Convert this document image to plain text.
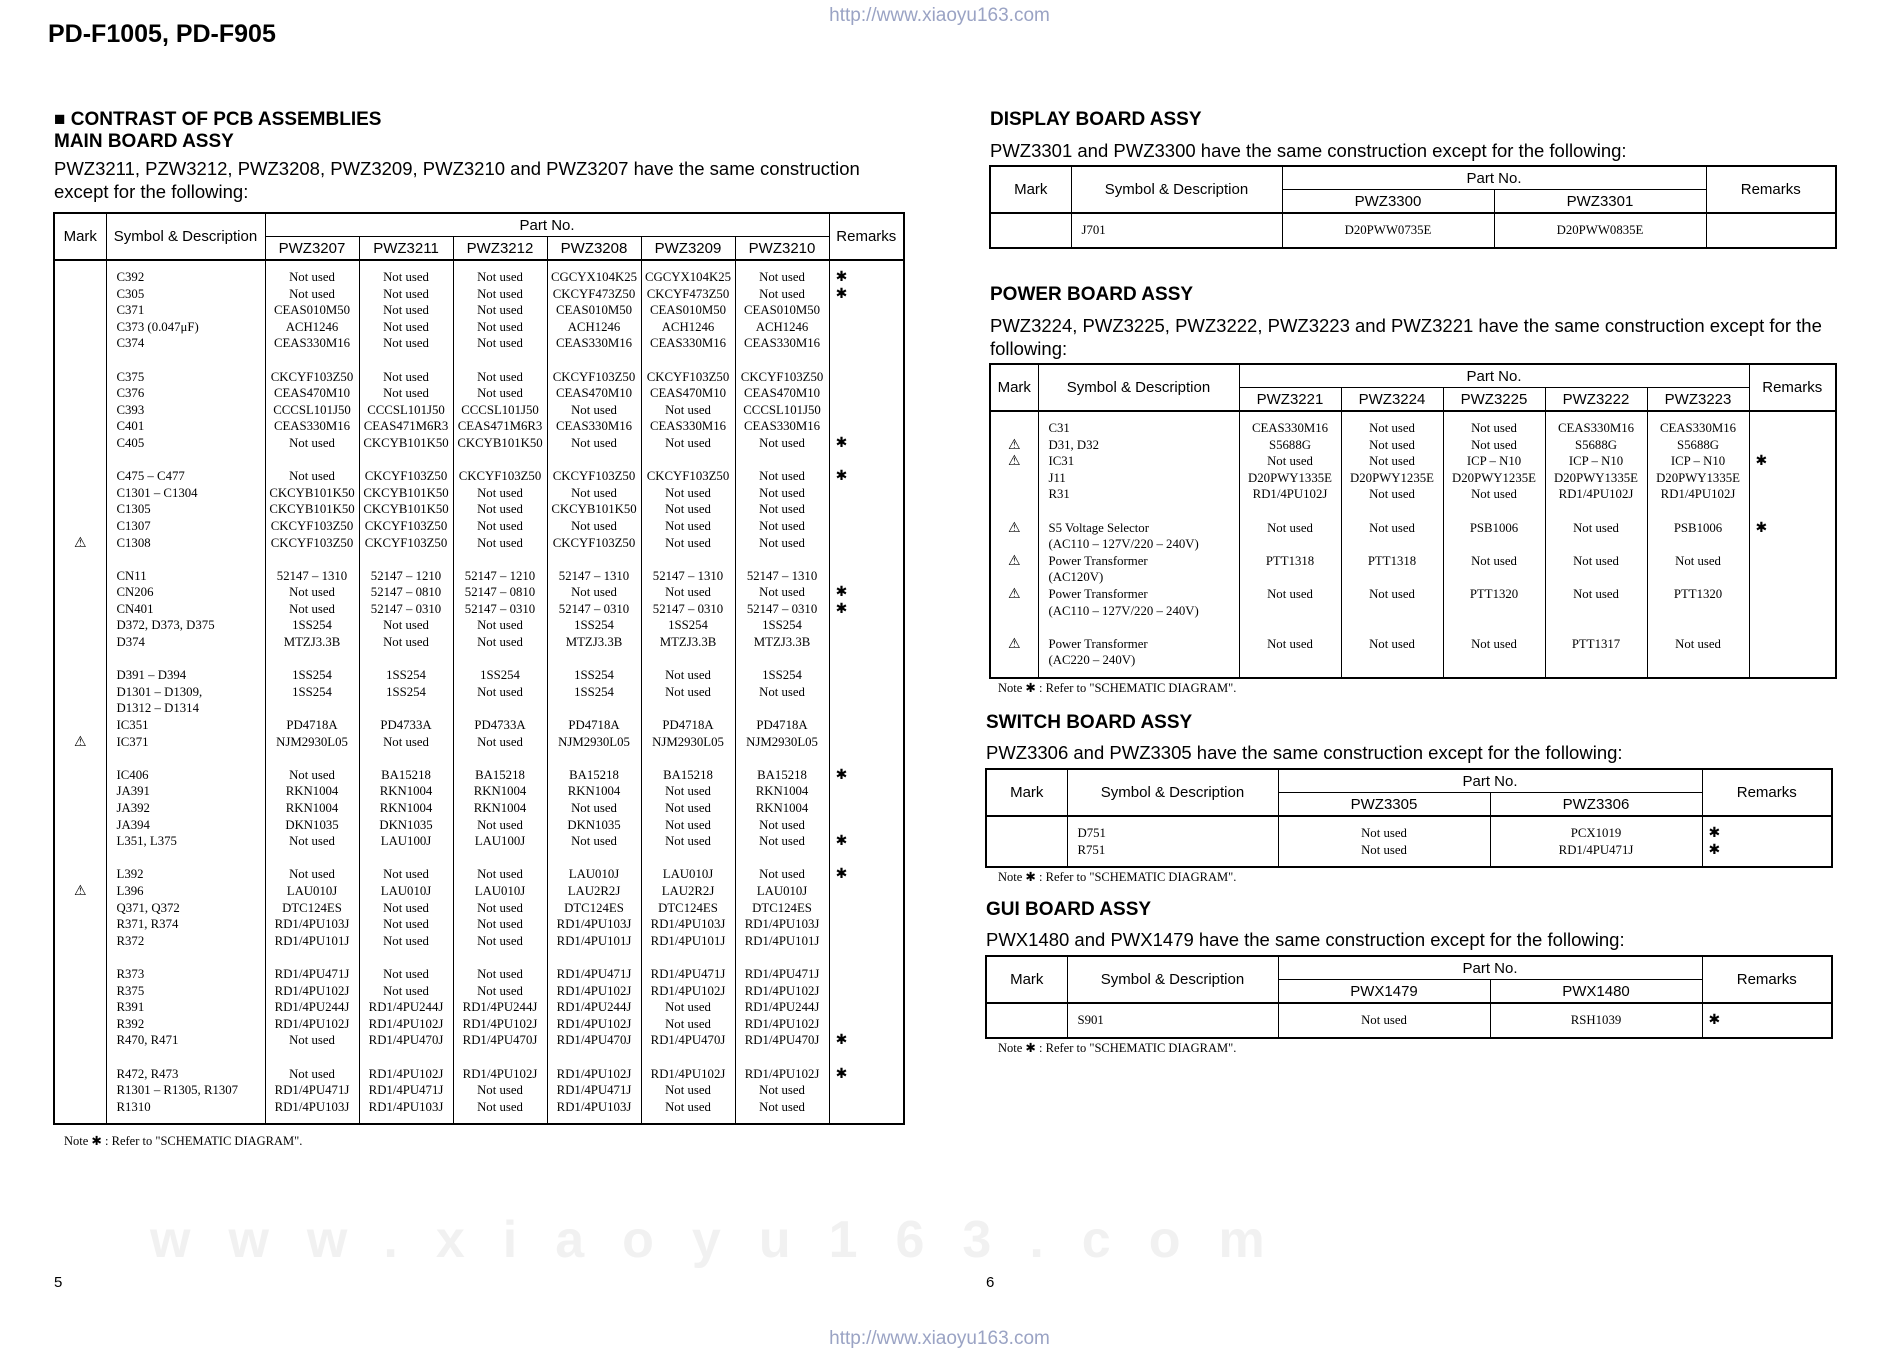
http://www.xiaoyu163.com
http://www.xiaoyu163.com
PD-F1005, PD-F905
www.xiaoyu163.com
■ CONTRAST OF PCB ASSEMBLIES
MAIN BOARD ASSY
PWZ3211, PZW3212, PWZ3208, PWZ3209, PWZ3210 and PWZ3207 have the same construction except for the following:
Mark	Symbol & Description	Part No.						Remarks
		PWZ3207	PWZ3211	PWZ3212	PWZ3208	PWZ3209	PWZ3210	

	C392	Not used	Not used	Not used	CGCYX104K25	CGCYX104K25	Not used	✱
	C305	Not used	Not used	Not used	CKCYF473Z50	CKCYF473Z50	Not used	✱
	C371	CEAS010M50	Not used	Not used	CEAS010M50	CEAS010M50	CEAS010M50	
	C373 (0.047μF)	ACH1246	Not used	Not used	ACH1246	ACH1246	ACH1246	
	C374	CEAS330M16	Not used	Not used	CEAS330M16	CEAS330M16	CEAS330M16	

	C375	CKCYF103Z50	Not used	Not used	CKCYF103Z50	CKCYF103Z50	CKCYF103Z50	
	C376	CEAS470M10	Not used	Not used	CEAS470M10	CEAS470M10	CEAS470M10	
	C393	CCCSL101J50	CCCSL101J50	CCCSL101J50	Not used	Not used	CCCSL101J50	
	C401	CEAS330M16	CEAS471M6R3	CEAS471M6R3	CEAS330M16	CEAS330M16	CEAS330M16	
	C405	Not used	CKCYB101K50	CKCYB101K50	Not used	Not used	Not used	✱

	C475 – C477	Not used	CKCYF103Z50	CKCYF103Z50	CKCYF103Z50	CKCYF103Z50	Not used	✱
	C1301 – C1304	CKCYB101K50	CKCYB101K50	Not used	Not used	Not used	Not used	
	C1305	CKCYB101K50	CKCYB101K50	Not used	CKCYB101K50	Not used	Not used	
	C1307	CKCYF103Z50	CKCYF103Z50	Not used	Not used	Not used	Not used	
⚠	C1308	CKCYF103Z50	CKCYF103Z50	Not used	CKCYF103Z50	Not used	Not used	

	CN11	52147 – 1310	52147 – 1210	52147 – 1210	52147 – 1310	52147 – 1310	52147 – 1310	
	CN206	Not used	52147 – 0810	52147 – 0810	Not used	Not used	Not used	✱
	CN401	Not used	52147 – 0310	52147 – 0310	52147 – 0310	52147 – 0310	52147 – 0310	✱
	D372, D373, D375	1SS254	Not used	Not used	1SS254	1SS254	1SS254	
	D374	MTZJ3.3B	Not used	Not used	MTZJ3.3B	MTZJ3.3B	MTZJ3.3B	

	D391 – D394	1SS254	1SS254	1SS254	1SS254	Not used	1SS254	
	D1301 – D1309,	1SS254	1SS254	Not used	1SS254	Not used	Not used	
	D1312 – D1314							
	IC351	PD4718A	PD4733A	PD4733A	PD4718A	PD4718A	PD4718A	
⚠	IC371	NJM2930L05	Not used	Not used	NJM2930L05	NJM2930L05	NJM2930L05	

	IC406	Not used	BA15218	BA15218	BA15218	BA15218	BA15218	✱
	JA391	RKN1004	RKN1004	RKN1004	RKN1004	Not used	RKN1004	
	JA392	RKN1004	RKN1004	RKN1004	Not used	Not used	RKN1004	
	JA394	DKN1035	DKN1035	Not used	DKN1035	Not used	Not used	
	L351, L375	Not used	LAU100J	LAU100J	Not used	Not used	Not used	✱

	L392	Not used	Not used	Not used	LAU010J	LAU010J	Not used	✱
⚠	L396	LAU010J	LAU010J	LAU010J	LAU2R2J	LAU2R2J	LAU010J	
	Q371, Q372	DTC124ES	Not used	Not used	DTC124ES	DTC124ES	DTC124ES	
	R371, R374	RD1/4PU103J	Not used	Not used	RD1/4PU103J	RD1/4PU103J	RD1/4PU103J	
	R372	RD1/4PU101J	Not used	Not used	RD1/4PU101J	RD1/4PU101J	RD1/4PU101J	

	R373	RD1/4PU471J	Not used	Not used	RD1/4PU471J	RD1/4PU471J	RD1/4PU471J	
	R375	RD1/4PU102J	Not used	Not used	RD1/4PU102J	RD1/4PU102J	RD1/4PU102J	
	R391	RD1/4PU244J	RD1/4PU244J	RD1/4PU244J	RD1/4PU244J	Not used	RD1/4PU244J	
	R392	RD1/4PU102J	RD1/4PU102J	RD1/4PU102J	RD1/4PU102J	Not used	RD1/4PU102J	
	R470, R471	Not used	RD1/4PU470J	RD1/4PU470J	RD1/4PU470J	RD1/4PU470J	RD1/4PU470J	✱

	R472, R473	Not used	RD1/4PU102J	RD1/4PU102J	RD1/4PU102J	RD1/4PU102J	RD1/4PU102J	✱
	R1301 – R1305, R1307	RD1/4PU471J	RD1/4PU471J	Not used	RD1/4PU471J	Not used	Not used	
	R1310	RD1/4PU103J	RD1/4PU103J	Not used	RD1/4PU103J	Not used	Not used	

Note ✱ : Refer to "SCHEMATIC DIAGRAM".
5
DISPLAY BOARD ASSY
PWZ3301 and PWZ3300 have the same construction except for the following:
Mark	Symbol & Description	Part No.		Remarks
		PWZ3300	PWZ3301	

	J701	D20PWW0735E	D20PWW0835E	

POWER BOARD ASSY
PWZ3224, PWZ3225, PWZ3222, PWZ3223 and PWZ3221 have the same construction except for the following:
Mark	Symbol & Description	Part No.					Remarks
		PWZ3221	PWZ3224	PWZ3225	PWZ3222	PWZ3223	

	C31	CEAS330M16	Not used	Not used	CEAS330M16	CEAS330M16	
⚠	D31, D32	S5688G	Not used	Not used	S5688G	S5688G	
⚠	IC31	Not used	Not used	ICP – N10	ICP – N10	ICP – N10	✱
	J11	D20PWY1335E	D20PWY1235E	D20PWY1235E	D20PWY1335E	D20PWY1335E	
	R31	RD1/4PU102J	Not used	Not used	RD1/4PU102J	RD1/4PU102J	

⚠	S5 Voltage Selector	Not used	Not used	PSB1006	Not used	PSB1006	✱
	(AC110 – 127V/220 – 240V)						
⚠	Power Transformer	PTT1318	PTT1318	Not used	Not used	Not used	
	(AC120V)						
⚠	Power Transformer	Not used	Not used	PTT1320	Not used	PTT1320	
	(AC110 – 127V/220 – 240V)						

⚠	Power Transformer	Not used	Not used	Not used	PTT1317	Not used	
	(AC220 – 240V)						

Note ✱ : Refer to "SCHEMATIC DIAGRAM".
SWITCH BOARD ASSY
PWZ3306 and PWZ3305 have the same construction except for the following:
Mark	Symbol & Description	Part No.		Remarks
		PWZ3305	PWZ3306	

	D751	Not used	PCX1019	✱
	R751	Not used	RD1/4PU471J	✱

Note ✱ : Refer to "SCHEMATIC DIAGRAM".
GUI BOARD ASSY
PWX1480 and PWX1479 have the same construction except for the following:
Mark	Symbol & Description	Part No.		Remarks
		PWX1479	PWX1480	

	S901	Not used	RSH1039	✱

Note ✱ : Refer to "SCHEMATIC DIAGRAM".
6
